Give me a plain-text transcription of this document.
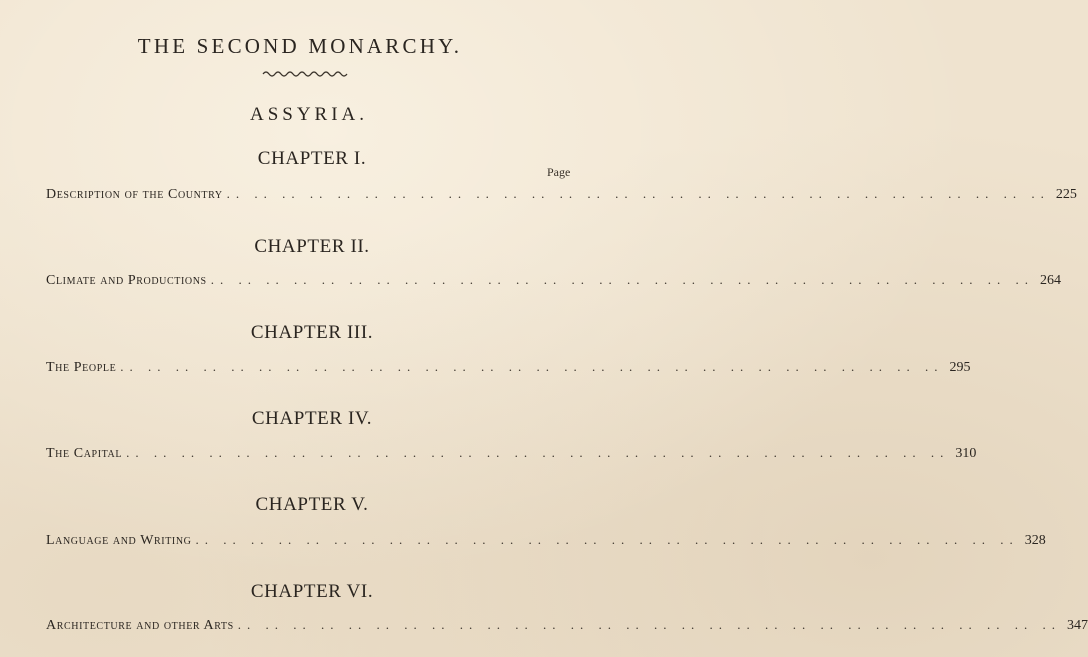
THE SECOND MONARCHY.
ASSYRIA.
Page
CHAPTER I.
Description of the Country .. .. .. .. .. .. .. .. .. .. .. .. .. .. .. .. .. .. .. .. .. .. .. .. .. .. .. .. .. .. 225
CHAPTER II.
Climate and Productions .. .. .. .. .. .. .. .. .. .. .. .. .. .. .. .. .. .. .. .. .. .. .. .. .. .. .. .. .. .. 264
CHAPTER III.
The People .. .. .. .. .. .. .. .. .. .. .. .. .. .. .. .. .. .. .. .. .. .. .. .. .. .. .. .. .. .. 295
CHAPTER IV.
The Capital .. .. .. .. .. .. .. .. .. .. .. .. .. .. .. .. .. .. .. .. .. .. .. .. .. .. .. .. .. .. 310
CHAPTER V.
Language and Writing .. .. .. .. .. .. .. .. .. .. .. .. .. .. .. .. .. .. .. .. .. .. .. .. .. .. .. .. .. .. 328
CHAPTER VI.
Architecture and other Arts .. .. .. .. .. .. .. .. .. .. .. .. .. .. .. .. .. .. .. .. .. .. .. .. .. .. .. .. .. .. 347
